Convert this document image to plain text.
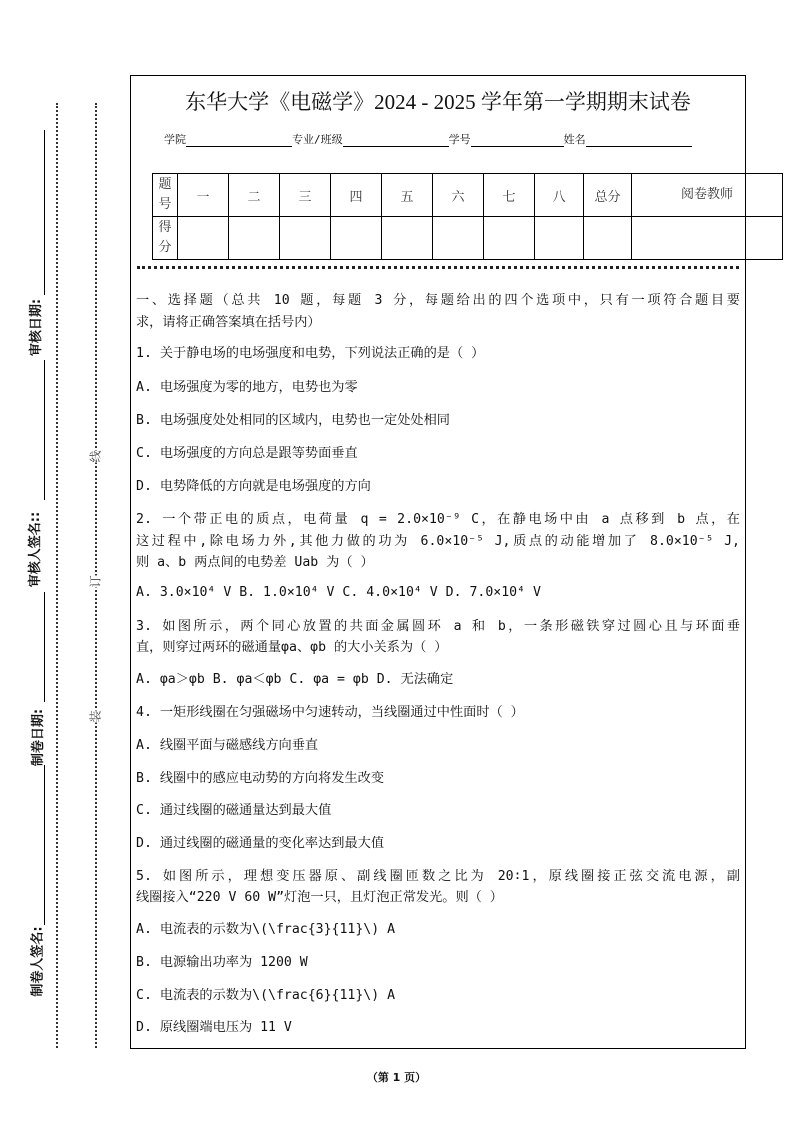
审核日期:
审核人签名::
制卷日期:
制卷人签名:
线
订
装
东华大学《电磁学》2024 - 2025 学年第一学期期末试卷
学院	专业/班级	学号	姓名
题号	一	二	三	四	五	六	七	八	总分	阅卷教师
得分										
一、选择题（总共 10 题，每题 3 分，每题给出的四个选项中，只有一项符合题目要
求，请将正确答案填在括号内）
1. 关于静电场的电场强度和电势，下列说法正确的是（ ）
A. 电场强度为零的地方，电势也为零
B. 电场强度处处相同的区域内，电势也一定处处相同
C. 电场强度的方向总是跟等势面垂直
D. 电势降低的方向就是电场强度的方向
2. 一个带正电的质点，电荷量 q = 2.0×10⁻⁹ C，在静电场中由 a 点移到 b 点，在
这过程中,除电场力外,其他力做的功为 6.0×10⁻⁵ J,质点的动能增加了 8.0×10⁻⁵ J,
则 a、b 两点间的电势差 Uab 为（ ）
A. 3.0×10⁴ V B. 1.0×10⁴ V C. 4.0×10⁴ V D. 7.0×10⁴ V
3. 如图所示，两个同心放置的共面金属圆环 a 和 b，一条形磁铁穿过圆心且与环面垂
直，则穿过两环的磁通量φa、φb 的大小关系为（ ）
A. φa＞φb B. φa＜φb C. φa = φb D. 无法确定
4. 一矩形线圈在匀强磁场中匀速转动，当线圈通过中性面时（ ）
A. 线圈平面与磁感线方向垂直
B. 线圈中的感应电动势的方向将发生改变
C. 通过线圈的磁通量达到最大值
D. 通过线圈的磁通量的变化率达到最大值
5. 如图所示，理想变压器原、副线圈匝数之比为 20∶1，原线圈接正弦交流电源，副
线圈接入“220 V 60 W”灯泡一只，且灯泡正常发光。则（ ）
A. 电流表的示数为\(\frac{3}{11}\) A
B. 电源输出功率为 1200 W
C. 电流表的示数为\(\frac{6}{11}\) A
D. 原线圈端电压为 11 V
（第 1 页）
